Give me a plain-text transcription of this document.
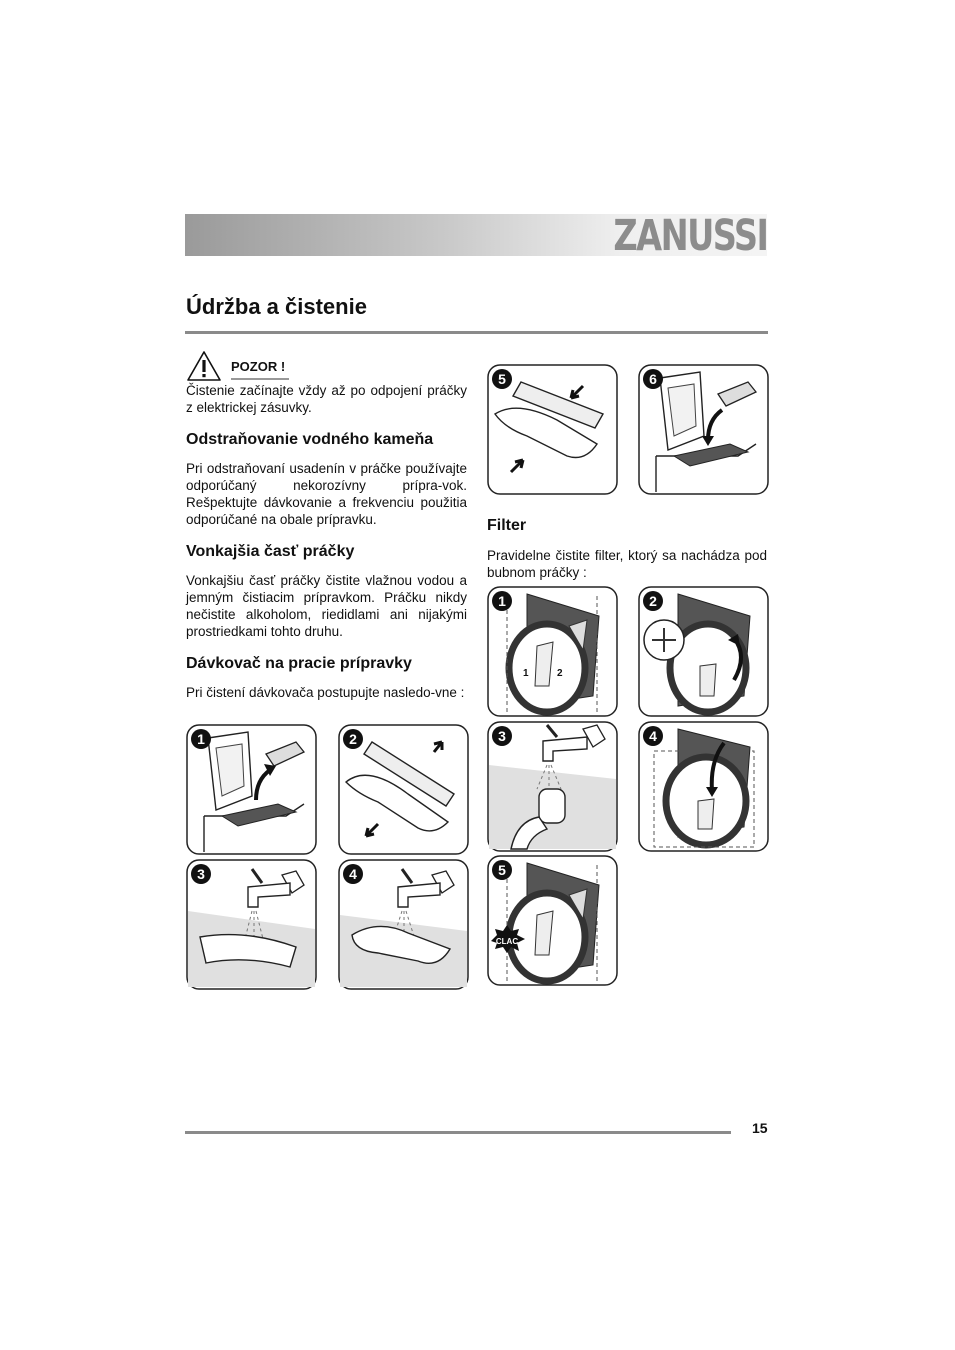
ZANUSSI
Údržba a čistenie
POZOR !

Čistenie začínajte vždy až po odpojení práčky z elektrickej zásuvky.

Odstraňovanie vodného kameňa

Pri odstraňovaní usadenín v práčke používajte odporúčaný nekorozívny prípra-vok. Rešpektujte dávkovanie a frekvenciu použitia odporúčané na obale prípravku.

Vonkajšia časť práčky

Vonkajšiu časť práčky čistite vlažnou vodou a jemným čistiacim prípravkom. Práčku nikdy nečistite alkoholom, riedidlami ani nijakými prostriedkami tohto druhu.

Dávkovač na pracie prípravky

Pri čistení dávkovača postupujte nasledo-vne :

Filter

Pravidelne čistite filter, ktorý sa nachádza pod bubnom práčky :

1	2
3	4
5	6
1	2
1	2
3	4
CLAC
5
15
